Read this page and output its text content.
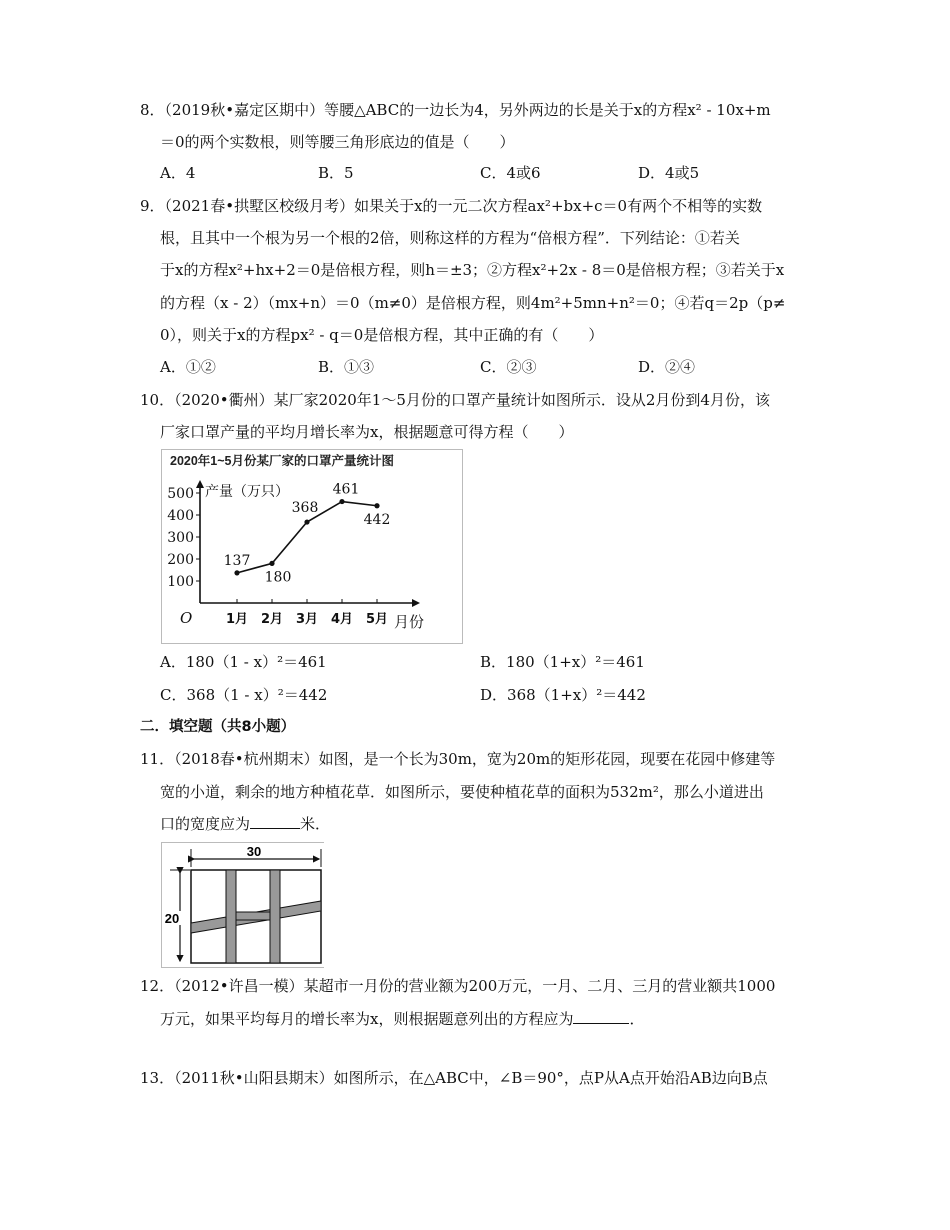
8．（2019秋•嘉定区期中）等腰△ABC的一边长为4，另外两边的长是关于x的方程x² - 10x+m
＝0的两个实数根，则等腰三角形底边的值是（　　）
A．4	B．5	C．4或6	D．4或5
9．（2021春•拱墅区校级月考）如果关于x的一元二次方程ax²+bx+c＝0有两个不相等的实数
根，且其中一个根为另一个根的2倍，则称这样的方程为“倍根方程”．下列结论：①若关
于x的方程x²+hx+2＝0是倍根方程，则h＝±3；②方程x²+2x - 8＝0是倍根方程；③若关于x
的方程（x - 2）（mx+n）＝0（m≠0）是倍根方程，则4m²+5mn+n²＝0；④若q＝2p（p≠
0），则关于x的方程px² - q＝0是倍根方程，其中正确的有（　　）
A．①②	B．①③	C．②③	D．②④
10．（2020•衢州）某厂家2020年1～5月份的口罩产量统计如图所示．设从2月份到4月份，该
厂家口罩产量的平均月增长率为x，根据题意可得方程（　　）
2020年1~5月份某厂家的口罩产量统计图
产量（万只）
100
200
300
400
500
O	1月 2月 3月 4月 5月 月份
137
180
368
461
442
A．180（1 - x）²＝461	B．180（1+x）²＝461
C．368（1 - x）²＝442	D．368（1+x）²＝442
二．填空题（共8小题）
11．（2018春•杭州期末）如图，是一个长为30m，宽为20m的矩形花园，现要在花园中修建等
宽的小道，剩余的地方种植花草．如图所示，要使种植花草的面积为532m²，那么小道进出
口的宽度应为	米．
30
20
12．（2012•许昌一模）某超市一月份的营业额为200万元，一月、二月、三月的营业额共1000
万元，如果平均每月的增长率为x，则根据题意列出的方程应为	．
13．（2011秋•山阳县期末）如图所示，在△ABC中，∠B＝90°，点P从A点开始沿AB边向B点
